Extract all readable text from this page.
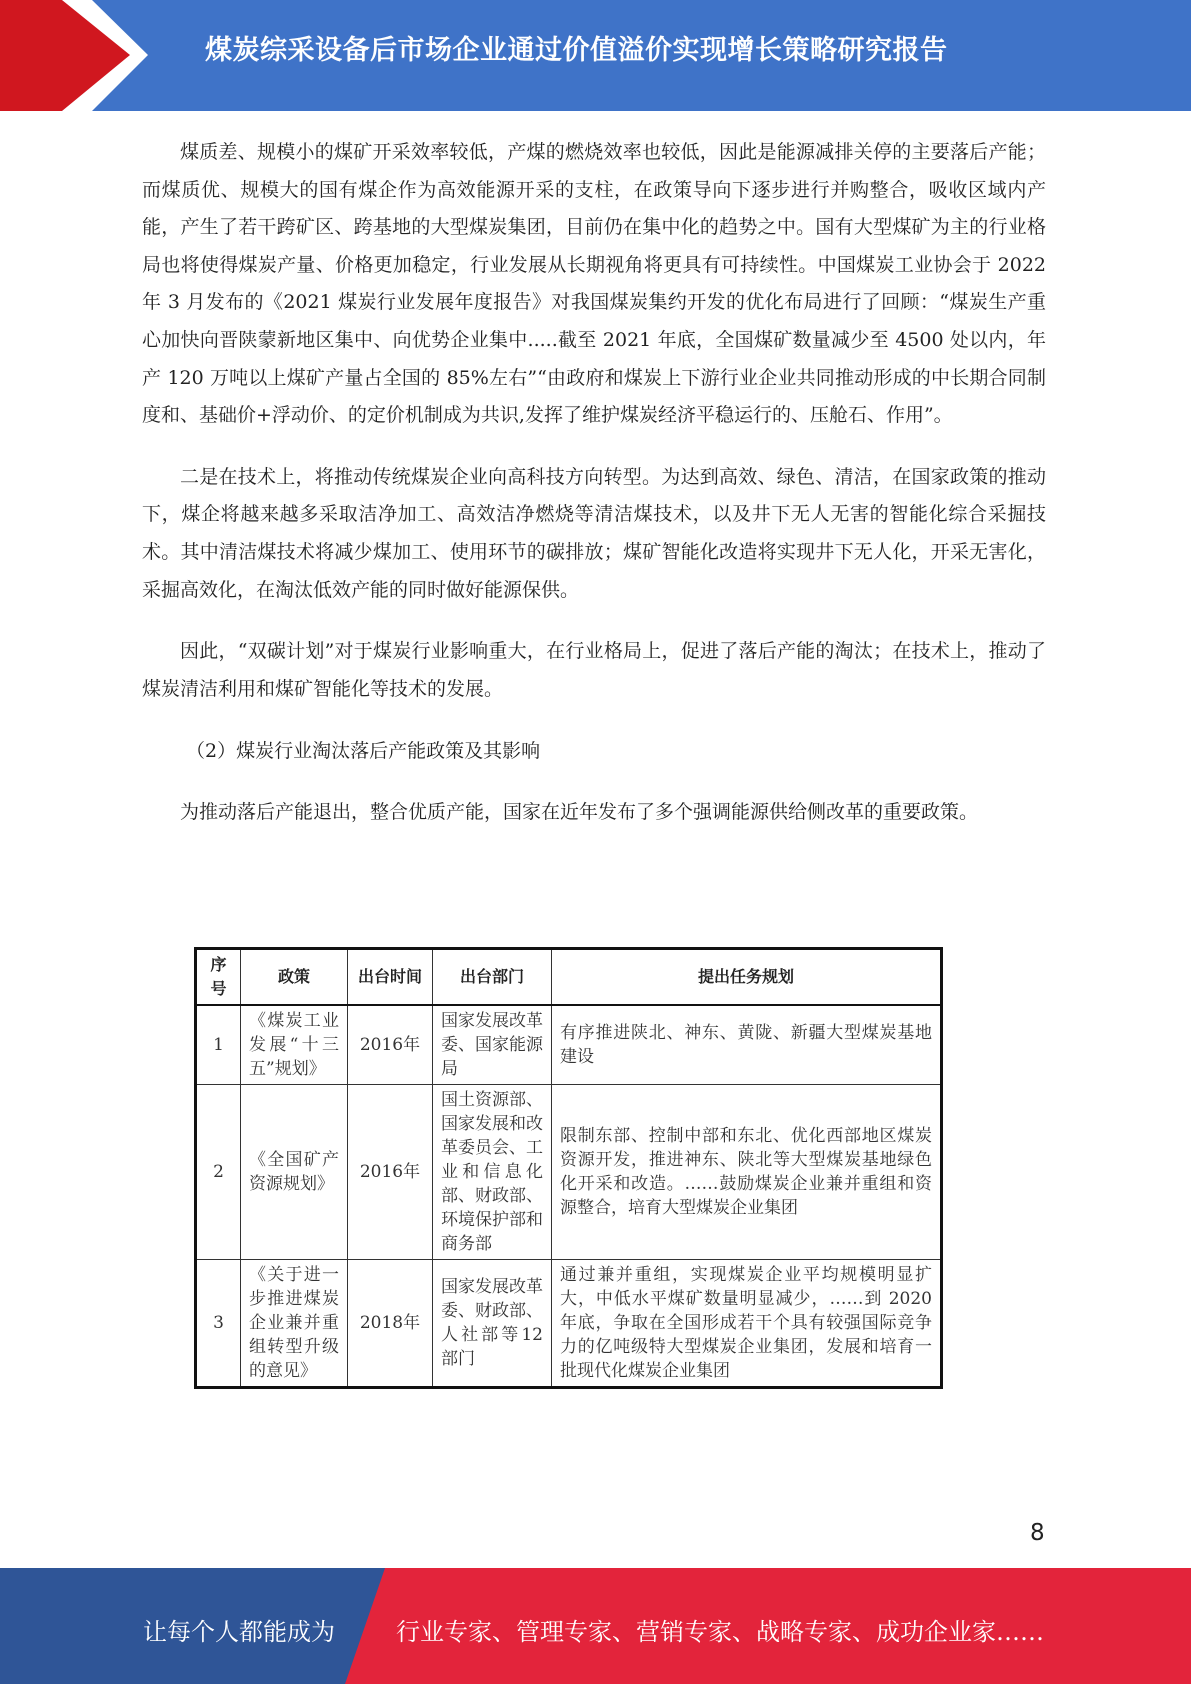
煤炭综采设备后市场企业通过价值溢价实现增长策略研究报告

煤质差、规模小的煤矿开采效率较低，产煤的燃烧效率也较低，因此是能源减排关停的主要落后产能；而煤质优、规模大的国有煤企作为高效能源开采的支柱，在政策导向下逐步进行并购整合，吸收区域内产能，产生了若干跨矿区、跨基地的大型煤炭集团，目前仍在集中化的趋势之中。国有大型煤矿为主的行业格局也将使得煤炭产量、价格更加稳定，行业发展从长期视角将更具有可持续性。中国煤炭工业协会于 2022 年 3 月发布的《2021 煤炭行业发展年度报告》对我国煤炭集约开发的优化布局进行了回顾：“煤炭生产重心加快向晋陕蒙新地区集中、向优势企业集中.....截至 2021 年底，全国煤矿数量减少至 4500 处以内，年产 120 万吨以上煤矿产量占全国的 85%左右”“由政府和煤炭上下游行业企业共同推动形成的中长期合同制度和、基础价+浮动价、的定价机制成为共识,发挥了维护煤炭经济平稳运行的、压舱石、作用”。

二是在技术上，将推动传统煤炭企业向高科技方向转型。为达到高效、绿色、清洁，在国家政策的推动下，煤企将越来越多采取洁净加工、高效洁净燃烧等清洁煤技术，以及井下无人无害的智能化综合采掘技术。其中清洁煤技术将减少煤加工、使用环节的碳排放；煤矿智能化改造将实现井下无人化，开采无害化，采掘高效化，在淘汰低效产能的同时做好能源保供。

因此，“双碳计划”对于煤炭行业影响重大，在行业格局上，促进了落后产能的淘汰；在技术上，推动了煤炭清洁利用和煤矿智能化等技术的发展。

（2）煤炭行业淘汰落后产能政策及其影响

为推动落后产能退出，整合优质产能，国家在近年发布了多个强调能源供给侧改革的重要政策。

序号	政策	出台时间	出台部门	提出任务规划
1	《煤炭工业发展“十三五”规划》	2016年	国家发展改革委、国家能源局	有序推进陕北、神东、黄陇、新疆大型煤炭基地建设
2	《全国矿产资源规划》	2016年	国土资源部、国家发展和改革委员会、工业和信息化部、财政部、环境保护部和商务部	限制东部、控制中部和东北、优化西部地区煤炭资源开发，推进神东、陕北等大型煤炭基地绿色化开采和改造。……鼓励煤炭企业兼并重组和资源整合，培育大型煤炭企业集团
3	《关于进一步推进煤炭企业兼并重组转型升级的意见》	2018年	国家发展改革委、财政部、人社部等12部门	通过兼并重组，实现煤炭企业平均规模明显扩大，中低水平煤矿数量明显减少，……到 2020 年底，争取在全国形成若干个具有较强国际竞争力的亿吨级特大型煤炭企业集团，发展和培育一批现代化煤炭企业集团
8
让每个人都能成为	行业专家、管理专家、营销专家、战略专家、成功企业家……
